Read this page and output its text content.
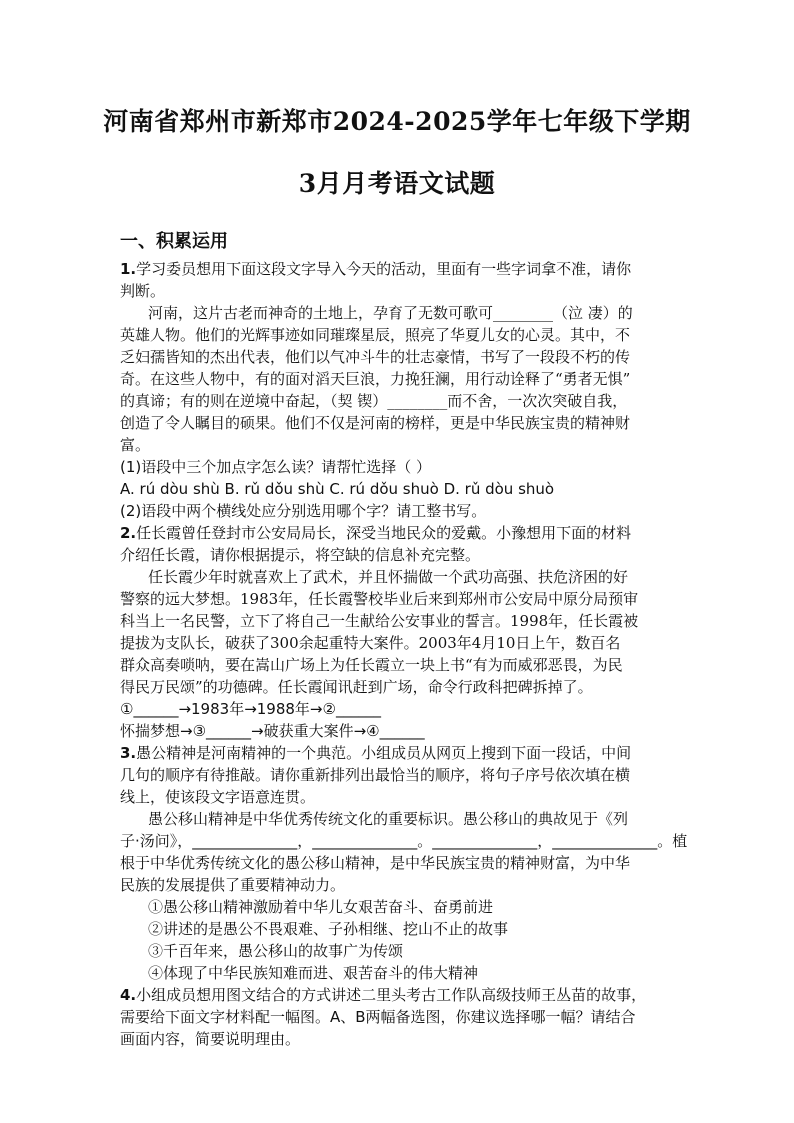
河南省郑州市新郑市2024-2025学年七年级下学期
3月月考语文试题
一、积累运用
1.学习委员想用下面这段文字导入今天的活动，里面有一些字词拿不准，请你
判断。
河南，这片古老而神奇的土地上，孕育了无数可歌可________（泣 凄）的
英雄人物。他们的光辉事迹如同璀璨星辰，照亮了华夏儿女的心灵。其中，不
乏妇孺皆知的杰出代表，他们以气冲斗牛的壮志豪情，书写了一段段不朽的传
奇。在这些人物中，有的面对滔天巨浪，力挽狂澜，用行动诠释了“勇者无惧”
的真谛；有的则在逆境中奋起，（契 锲）________而不舍，一次次突破自我，
创造了令人瞩目的硕果。他们不仅是河南的榜样，更是中华民族宝贵的精神财
富。
(1)语段中三个加点字怎么读？请帮忙选择（ ）
A. rú dòu shù B. rǔ dǒu shù C. rú dǒu shuò D. rǔ dòu shuò
(2)语段中两个横线处应分别选用哪个字？请工整书写。
2.任长霞曾任登封市公安局局长，深受当地民众的爱戴。小豫想用下面的材料
介绍任长霞，请你根据提示，将空缺的信息补充完整。
任长霞少年时就喜欢上了武术，并且怀揣做一个武功高强、扶危济困的好
警察的远大梦想。1983年，任长霞警校毕业后来到郑州市公安局中原分局预审
科当上一名民警，立下了将自己一生献给公安事业的誓言。1998年，任长霞被
提拔为支队长，破获了300余起重特大案件。2003年4月10日上午，数百名
群众高奏唢呐，要在嵩山广场上为任长霞立一块上书“有为而威邪恶畏，为民
得民万民颂”的功德碑。任长霞闻讯赶到广场，命令行政科把碑拆掉了。
①______→1983年→1988年→②______
怀揣梦想→③______→破获重大案件→④______
3.愚公精神是河南精神的一个典范。小组成员从网页上搜到下面一段话，中间
几句的顺序有待推敲。请你重新排列出最恰当的顺序，将句子序号依次填在横
线上，使该段文字语意连贯。
愚公移山精神是中华优秀传统文化的重要标识。愚公移山的典故见于《列
子·汤问》，______________，______________。______________，______________。植
根于中华优秀传统文化的愚公移山精神，是中华民族宝贵的精神财富，为中华
民族的发展提供了重要精神动力。
①愚公移山精神激励着中华儿女艰苦奋斗、奋勇前进
②讲述的是愚公不畏艰难、子孙相继、挖山不止的故事
③千百年来，愚公移山的故事广为传颂
④体现了中华民族知难而进、艰苦奋斗的伟大精神
4.小组成员想用图文结合的方式讲述二里头考古工作队高级技师王丛苗的故事，
需要给下面文字材料配一幅图。A、B两幅备选图，你建议选择哪一幅？请结合
画面内容，简要说明理由。
